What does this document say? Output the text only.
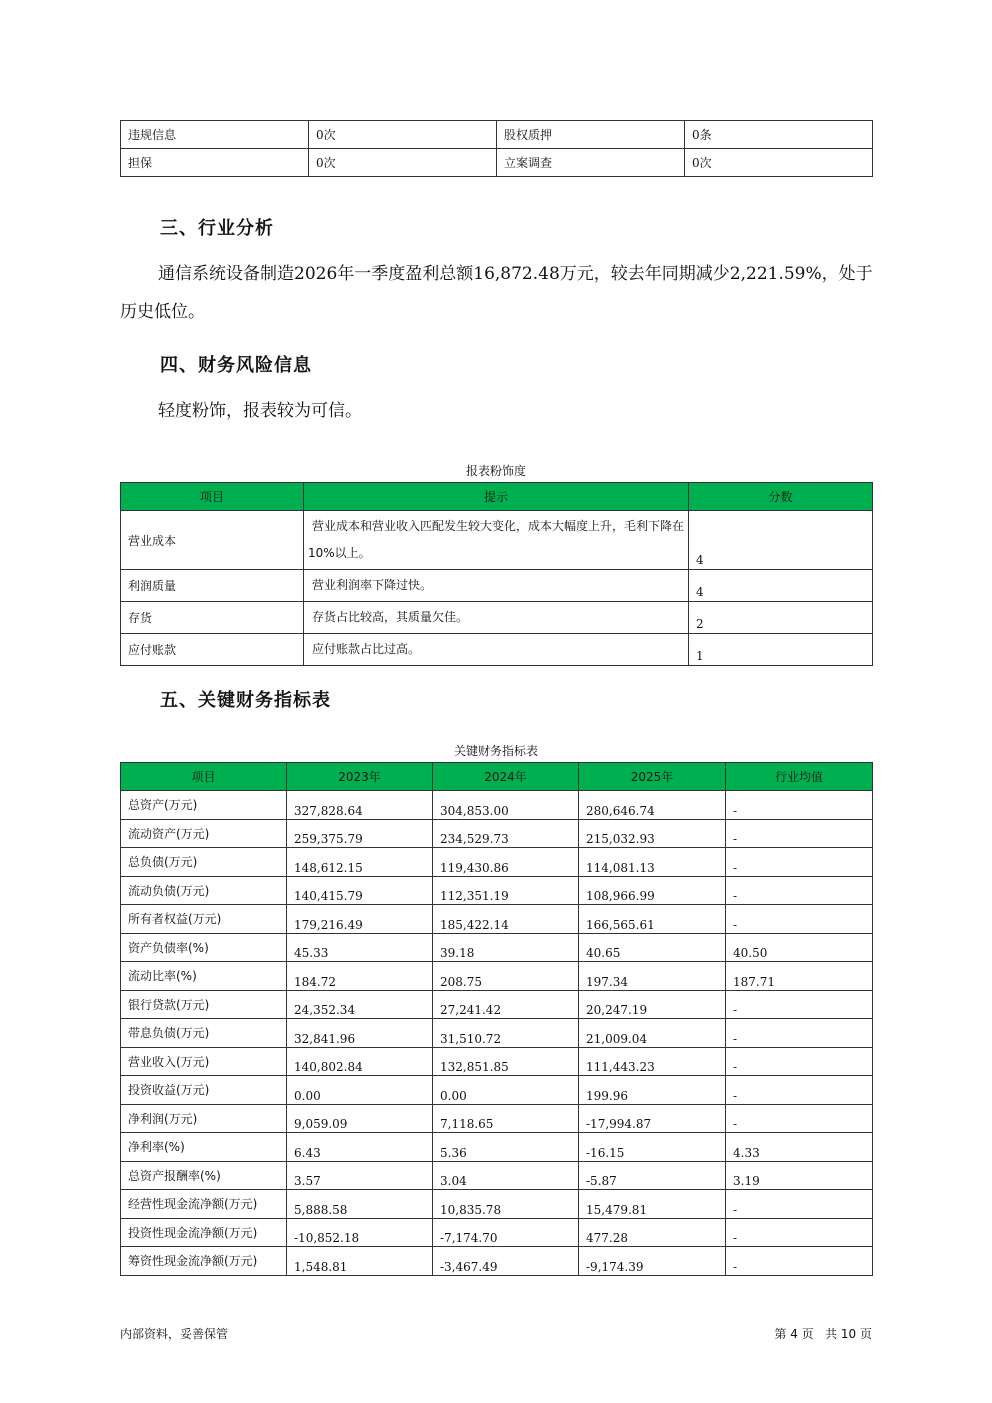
违规信息	0次	股权质押	0条
担保	0次	立案调查	0次
三、行业分析
通信系统设备制造2026年一季度盈利总额16,872.48万元，较去年同期减少2,221.59%，处于历史低位。
四、财务风险信息
轻度粉饰，报表较为可信。
报表粉饰度
项目	提示	分数
营业成本	营业成本和营业收入匹配发生较大变化，成本大幅度上升，毛利下降在10%以上。	4
利润质量	营业利润率下降过快。	4
存货	存货占比较高，其质量欠佳。	2
应付账款	应付账款占比过高。	1
五、关键财务指标表
关键财务指标表
项目	2023年	2024年	2025年	行业均值
总资产(万元)	327,828.64	304,853.00	280,646.74	-
流动资产(万元)	259,375.79	234,529.73	215,032.93	-
总负债(万元)	148,612.15	119,430.86	114,081.13	-
流动负债(万元)	140,415.79	112,351.19	108,966.99	-
所有者权益(万元)	179,216.49	185,422.14	166,565.61	-
资产负债率(%)	45.33	39.18	40.65	40.50
流动比率(%)	184.72	208.75	197.34	187.71
银行贷款(万元)	24,352.34	27,241.42	20,247.19	-
带息负债(万元)	32,841.96	31,510.72	21,009.04	-
营业收入(万元)	140,802.84	132,851.85	111,443.23	-
投资收益(万元)	0.00	0.00	199.96	-
净利润(万元)	9,059.09	7,118.65	-17,994.87	-
净利率(%)	6.43	5.36	-16.15	4.33
总资产报酬率(%)	3.57	3.04	-5.87	3.19
经营性现金流净额(万元)	5,888.58	10,835.78	15,479.81	-
投资性现金流净额(万元)	-10,852.18	-7,174.70	477.28	-
筹资性现金流净额(万元)	1,548.81	-3,467.49	-9,174.39	-
内部资料，妥善保管	第 4 页   共 10 页
